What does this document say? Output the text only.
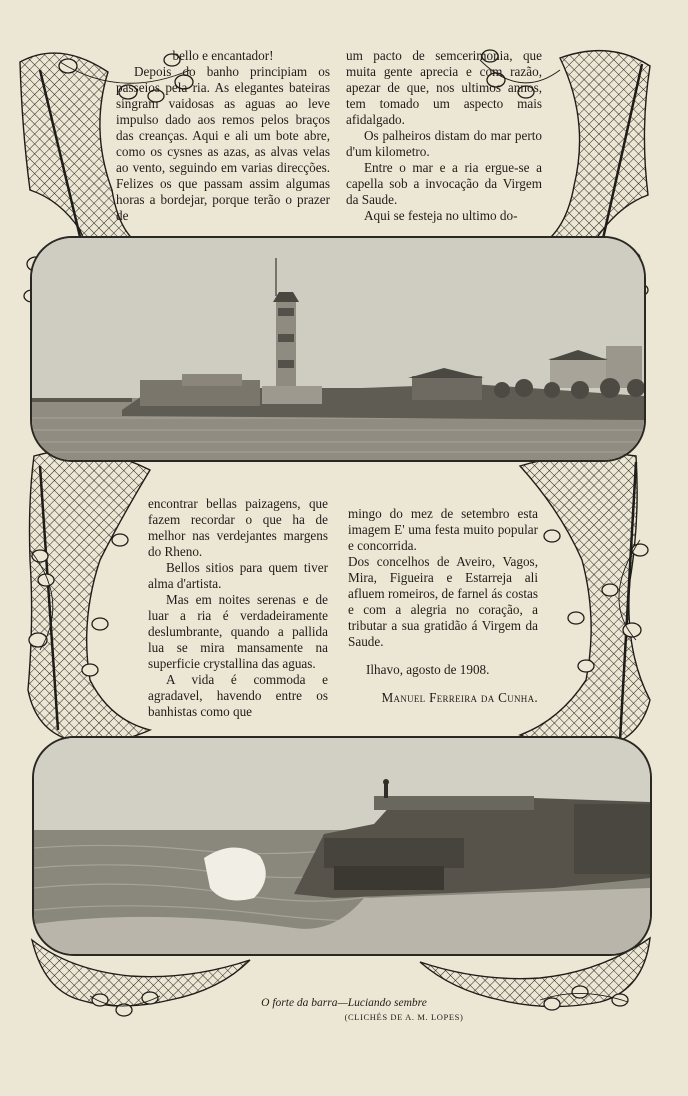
bello e encantador!

Depois do banho principiam os passeios pela ria. As elegantes bateiras singram vaidosas as aguas ao leve impulso dado aos remos pelos braços das creanças. Aqui e ali um bote abre, como os cysnes as azas, as alvas velas ao vento, seguindo em varias direcções. Felizes os que passam assim algumas horas a bordejar, porque terão o prazer de

um pacto de semcerimonia, que muita gente aprecia e com razão, apezar de que, nos ultimos annos, tem tomado um aspecto mais afidalgado.

Os palheiros distam do mar perto d'um kilometro.

Entre o mar e a ria ergue-se a capella sob a invocação da Virgem da Saude.

Aqui se festeja no ultimo do-

encontrar bellas paizagens, que fazem recordar o que ha de melhor nas verdejantes margens do Rheno.

Bellos sitios para quem tiver alma d'artista.

Mas em noites serenas e de luar a ria é verdadeiramente deslumbrante, quando a pallida lua se mira mansamente na superficie crystallina das aguas.

A vida é commoda e agradavel, havendo entre os banhistas como que

mingo do mez de setembro esta imagem E' uma festa muito popular e concorrida.

Dos concelhos de Aveiro, Vagos, Mira, Figueira e Estarreja ali afluem romeiros, de farnel ás costas e com a alegria no coração, a tributar a sua gratidão á Virgem da Saude.

Ilhavo, agosto de 1908.

Manuel Ferreira da Cunha.

O forte da barra—Luciando sembre
(CLICHÉS DE A. M. LOPES)
